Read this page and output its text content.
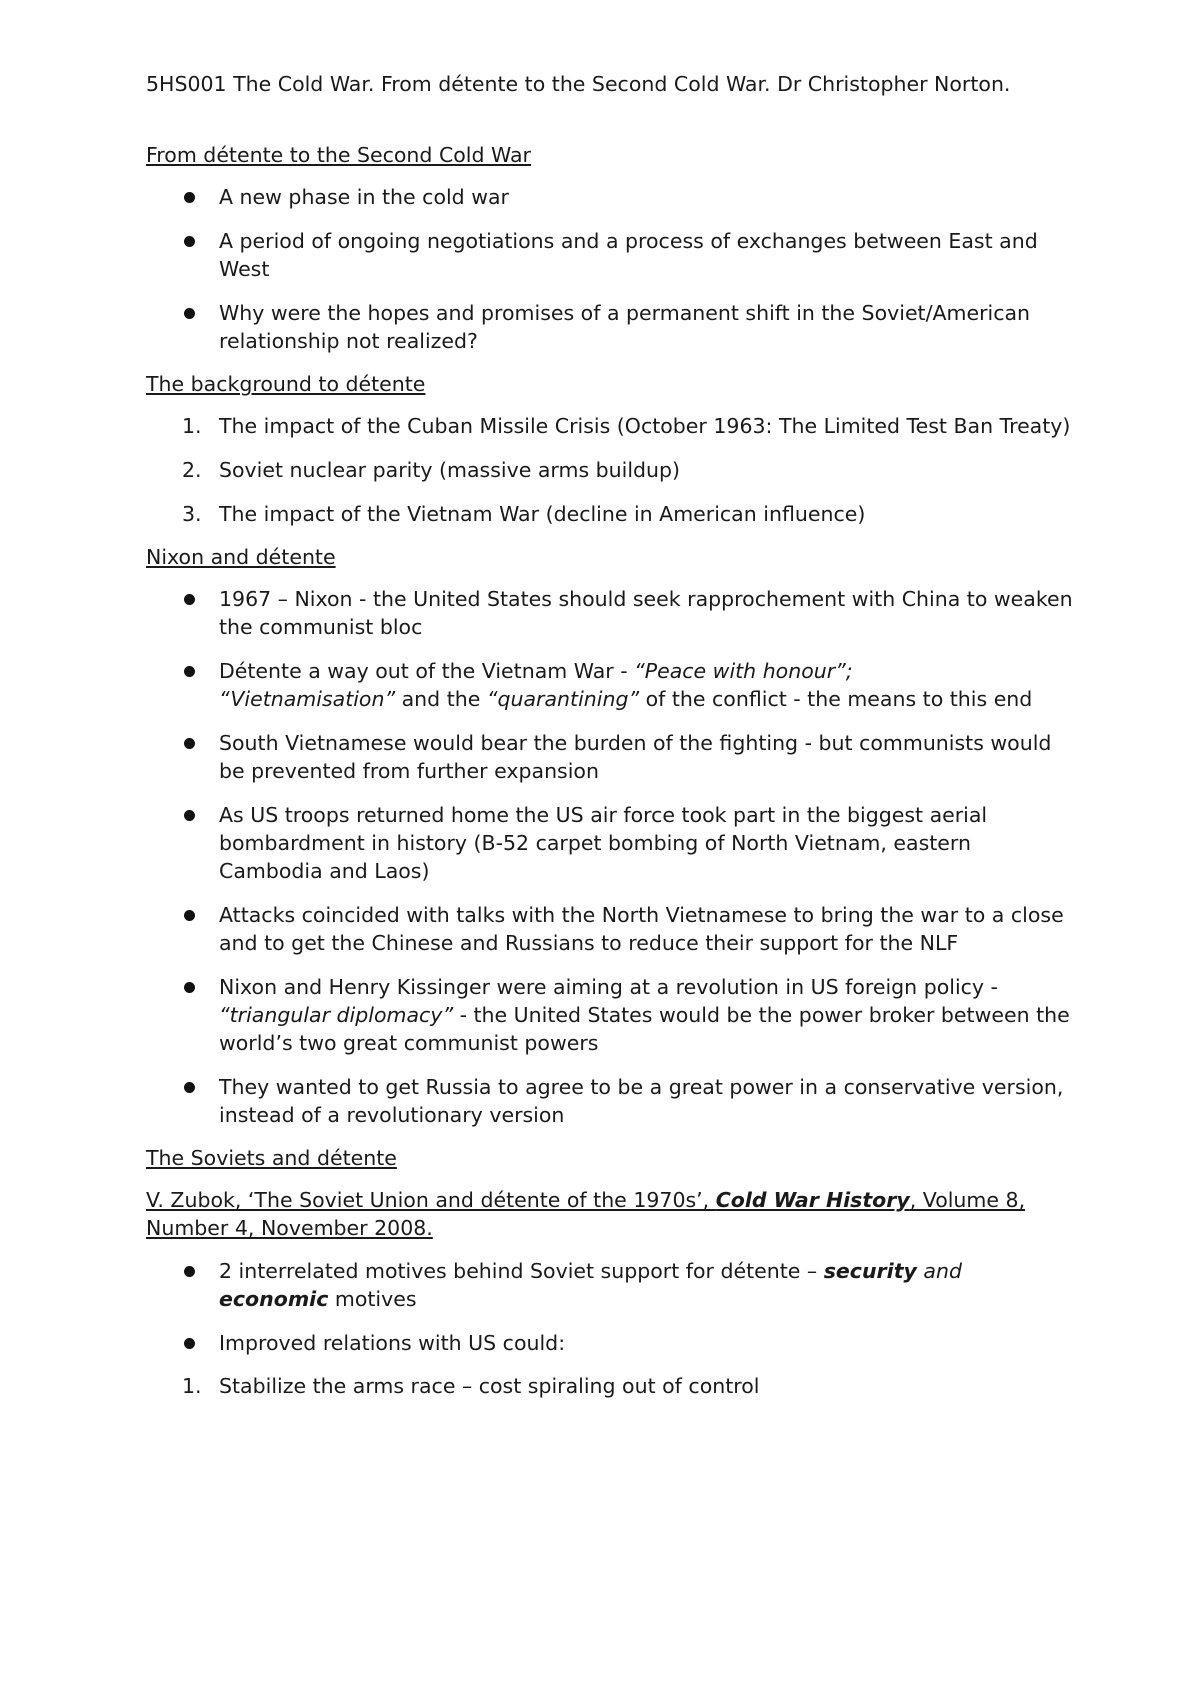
5HS001 The Cold War. From détente to the Second Cold War. Dr Christopher Norton.

From détente to the Second Cold War

A new phase in the cold war
A period of ongoing negotiations and a process of exchanges between East and West
Why were the hopes and promises of a permanent shift in the Soviet/American relationship not realized?

The background to détente

1. The impact of the Cuban Missile Crisis (October 1963: The Limited Test Ban Treaty)
2. Soviet nuclear parity (massive arms buildup)
3. The impact of the Vietnam War (decline in American influence)

Nixon and détente

1967 – Nixon - the United States should seek rapprochement with China to weaken the communist bloc
Détente a way out of the Vietnam War - “Peace with honour”;
“Vietnamisation” and the “quarantining” of the conflict - the means to this end
South Vietnamese would bear the burden of the fighting - but communists would be prevented from further expansion
As US troops returned home the US air force took part in the biggest aerial bombardment in history (B-52 carpet bombing of North Vietnam, eastern Cambodia and Laos)
Attacks coincided with talks with the North Vietnamese to bring the war to a close and to get the Chinese and Russians to reduce their support for the NLF
Nixon and Henry Kissinger were aiming at a revolution in US foreign policy - “triangular diplomacy” - the United States would be the power broker between the world’s two great communist powers
They wanted to get Russia to agree to be a great power in a conservative version, instead of a revolutionary version

The Soviets and détente

V. Zubok, ‘The Soviet Union and détente of the 1970s’, Cold War History, Volume 8, Number 4, November 2008.

2 interrelated motives behind Soviet support for détente – security and
economic motives
Improved relations with US could:
1. Stabilize the arms race – cost spiraling out of control
